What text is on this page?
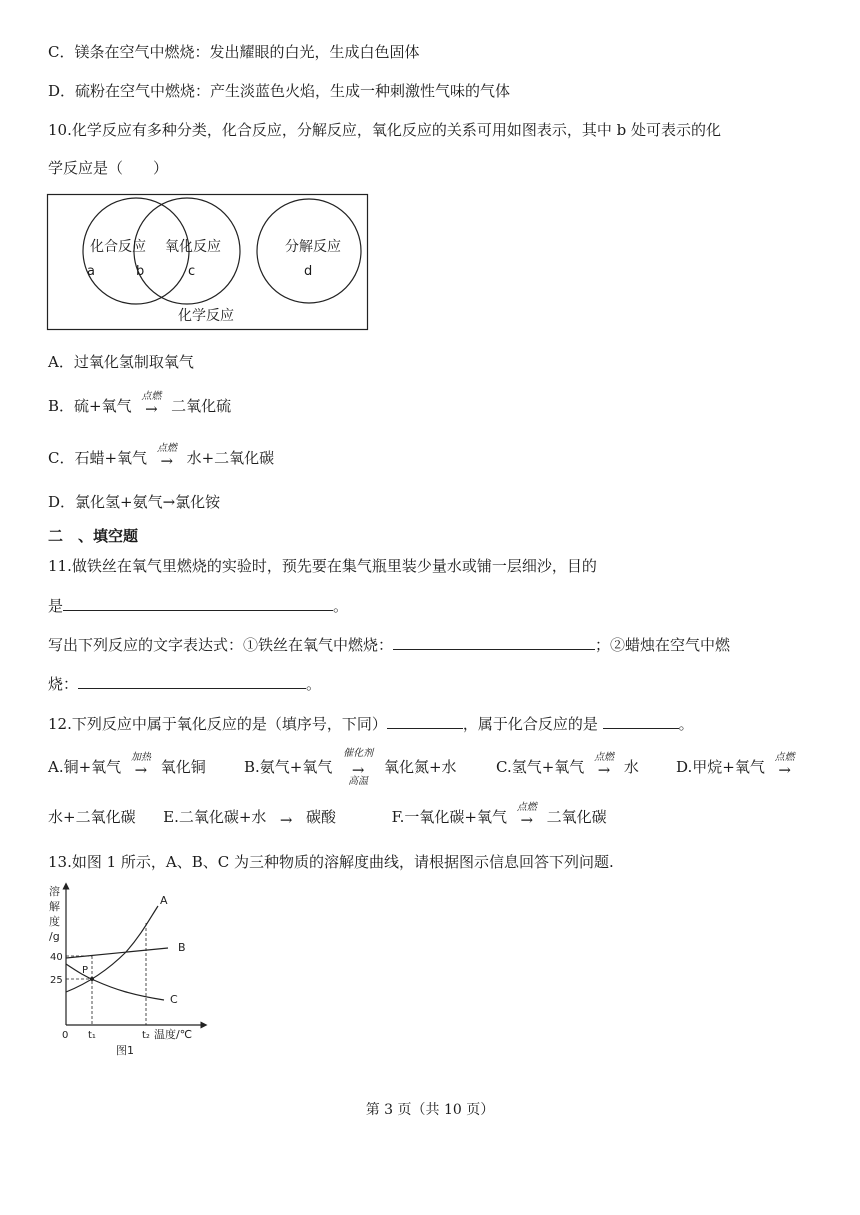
C．镁条在空气中燃烧：发出耀眼的白光，生成白色固体
D．硫粉在空气中燃烧：产生淡蓝色火焰，生成一种刺激性气味的气体
10.化学反应有多种分类，化合反应，分解反应，氧化反应的关系可用如图表示，其中 b 处可表示的化
学反应是（　　）
化合反应
a	b
氧化反应
c
分解反应
d
化学反应
A．过氧化氢制取氧气
B．硫+氧气
点燃
→ 二氧化硫
C．石蜡+氧气
点燃
→ 水+二氧化碳
D．氯化氢+氨气→氯化铵
二　、填空题
11.做铁丝在氧气里燃烧的实验时，预先要在集气瓶里装少量水或铺一层细沙，目的
是	。
写出下列反应的文字表达式：①铁丝在氧气中燃烧：	；②蜡烛在空气中燃
烧：	。
12.下列反应中属于氧化反应的是（填序号，下同）	，属于化合反应的是	。
A.铜+氧气
加热
→ 氧化铜	B.氨气+氧气
催化剂
→
高温
氧化氮+水	C.氢气+氧气
点燃
→ 水 D.甲烷+氧气
点燃
→
水+二氧化碳 E.二氧化碳+水 → 碳酸	F.一氧化碳+氧气
点燃
→ 二氧化碳
13.如图 1 所示，A、B、C 为三种物质的溶解度曲线，请根据图示信息回答下列问题.
溶
解
度
/g
40
25
0 t₁	t₂ 温度/℃
P
A
B
C
图1
第 3 页（共 10 页）
